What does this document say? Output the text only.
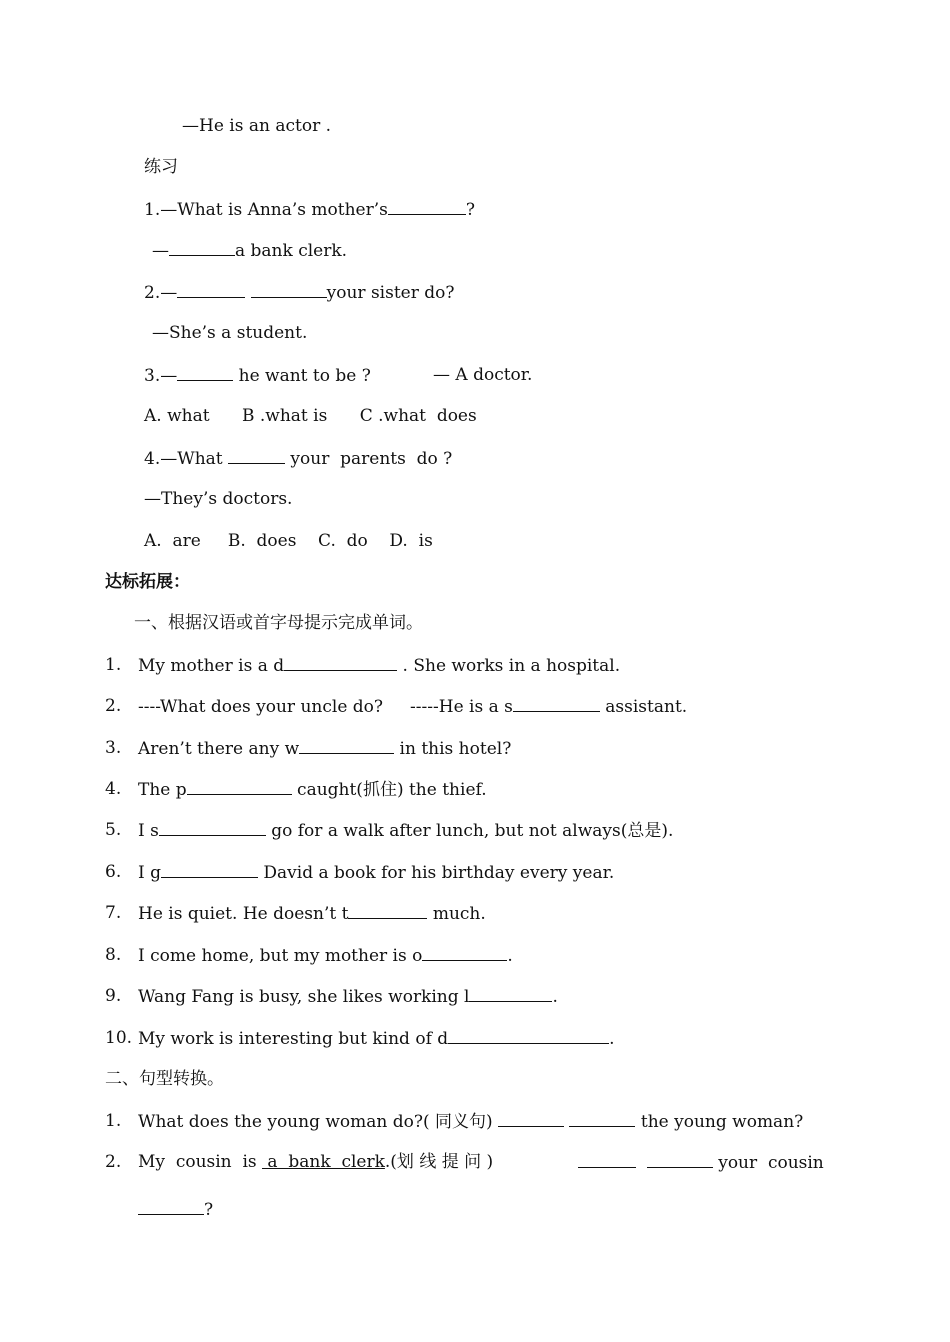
—He is an actor .
练习
1.—What is Anna’s mother’s	?
—	a bank clerk.
2.—	your sister do?
—She’s a student.
3.—	he want to be ?	— A doctor.
A. what      B .what is      C .what  does
4.—What	your  parents  do ?
—They’s doctors.
A.  are     B.  does    C.  do    D.  is
达标拓展：
一、根据汉语或首字母提示完成单词。
1. My mother is a d	. She works in a hospital.
2. ----What does your uncle do?     -----He is a s	assistant.
3. Aren’t there any w	in this hotel?
4. The p	caught(抓住) the thief.
5. I s	go for a walk after lunch, but not always(总是).
6. I g	David a book for his birthday every year.
7. He is quiet. He doesn’t t	much.
8. I come home, but my mother is o	.
9. Wang Fang is busy, she likes working l	.
10. My work is interesting but kind of d	.
二、句型转换。
1. What does the young woman do?( 同义句)	the young woman?
2. My  cousin  is  a  bank  clerk.(划 线 提 问 )	your  cousin
?
